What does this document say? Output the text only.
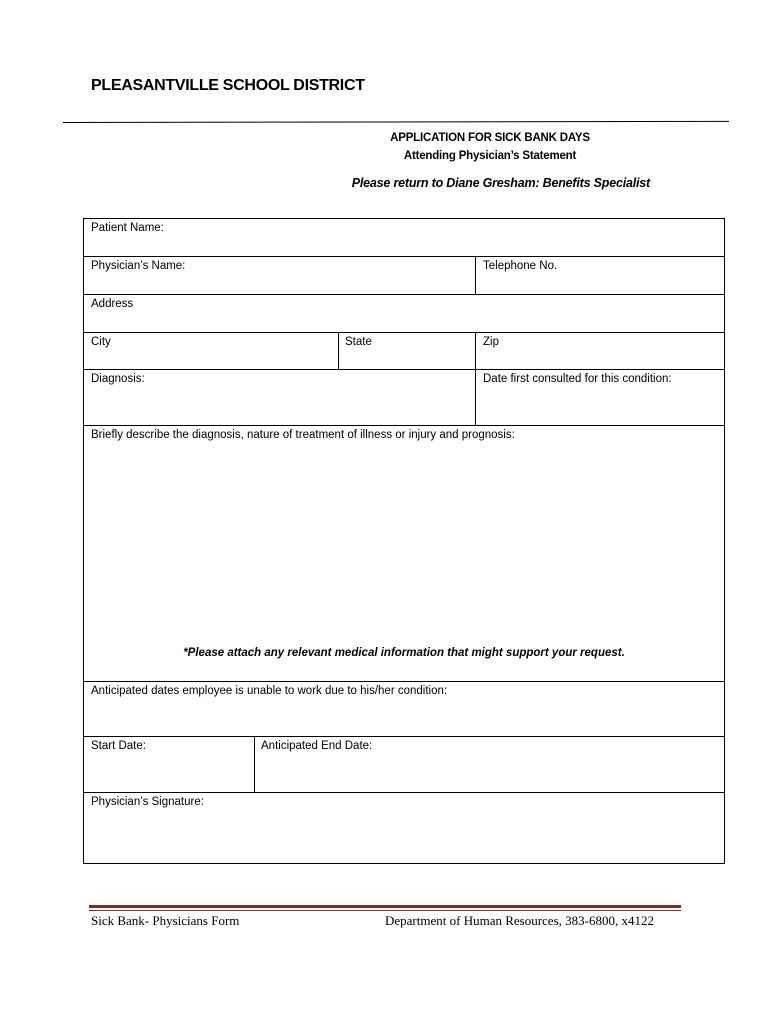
PLEASANTVILLE SCHOOL DISTRICT
APPLICATION FOR SICK BANK DAYS
Attending Physician’s Statement
Please return to Diane Gresham: Benefits Specialist
Patient Name:
Physician’s Name:	Telephone No.
Address
City	State	Zip
Diagnosis:	Date first consulted for this condition:
Briefly describe the diagnosis, nature of treatment of illness or injury and prognosis:
*Please attach any relevant medical information that might support your request.
Anticipated dates employee is unable to work due to his/her condition:
Start Date:	Anticipated End Date:
Physician’s Signature:
Sick Bank- Physicians Form	Department of Human Resources, 383-6800, x4122
